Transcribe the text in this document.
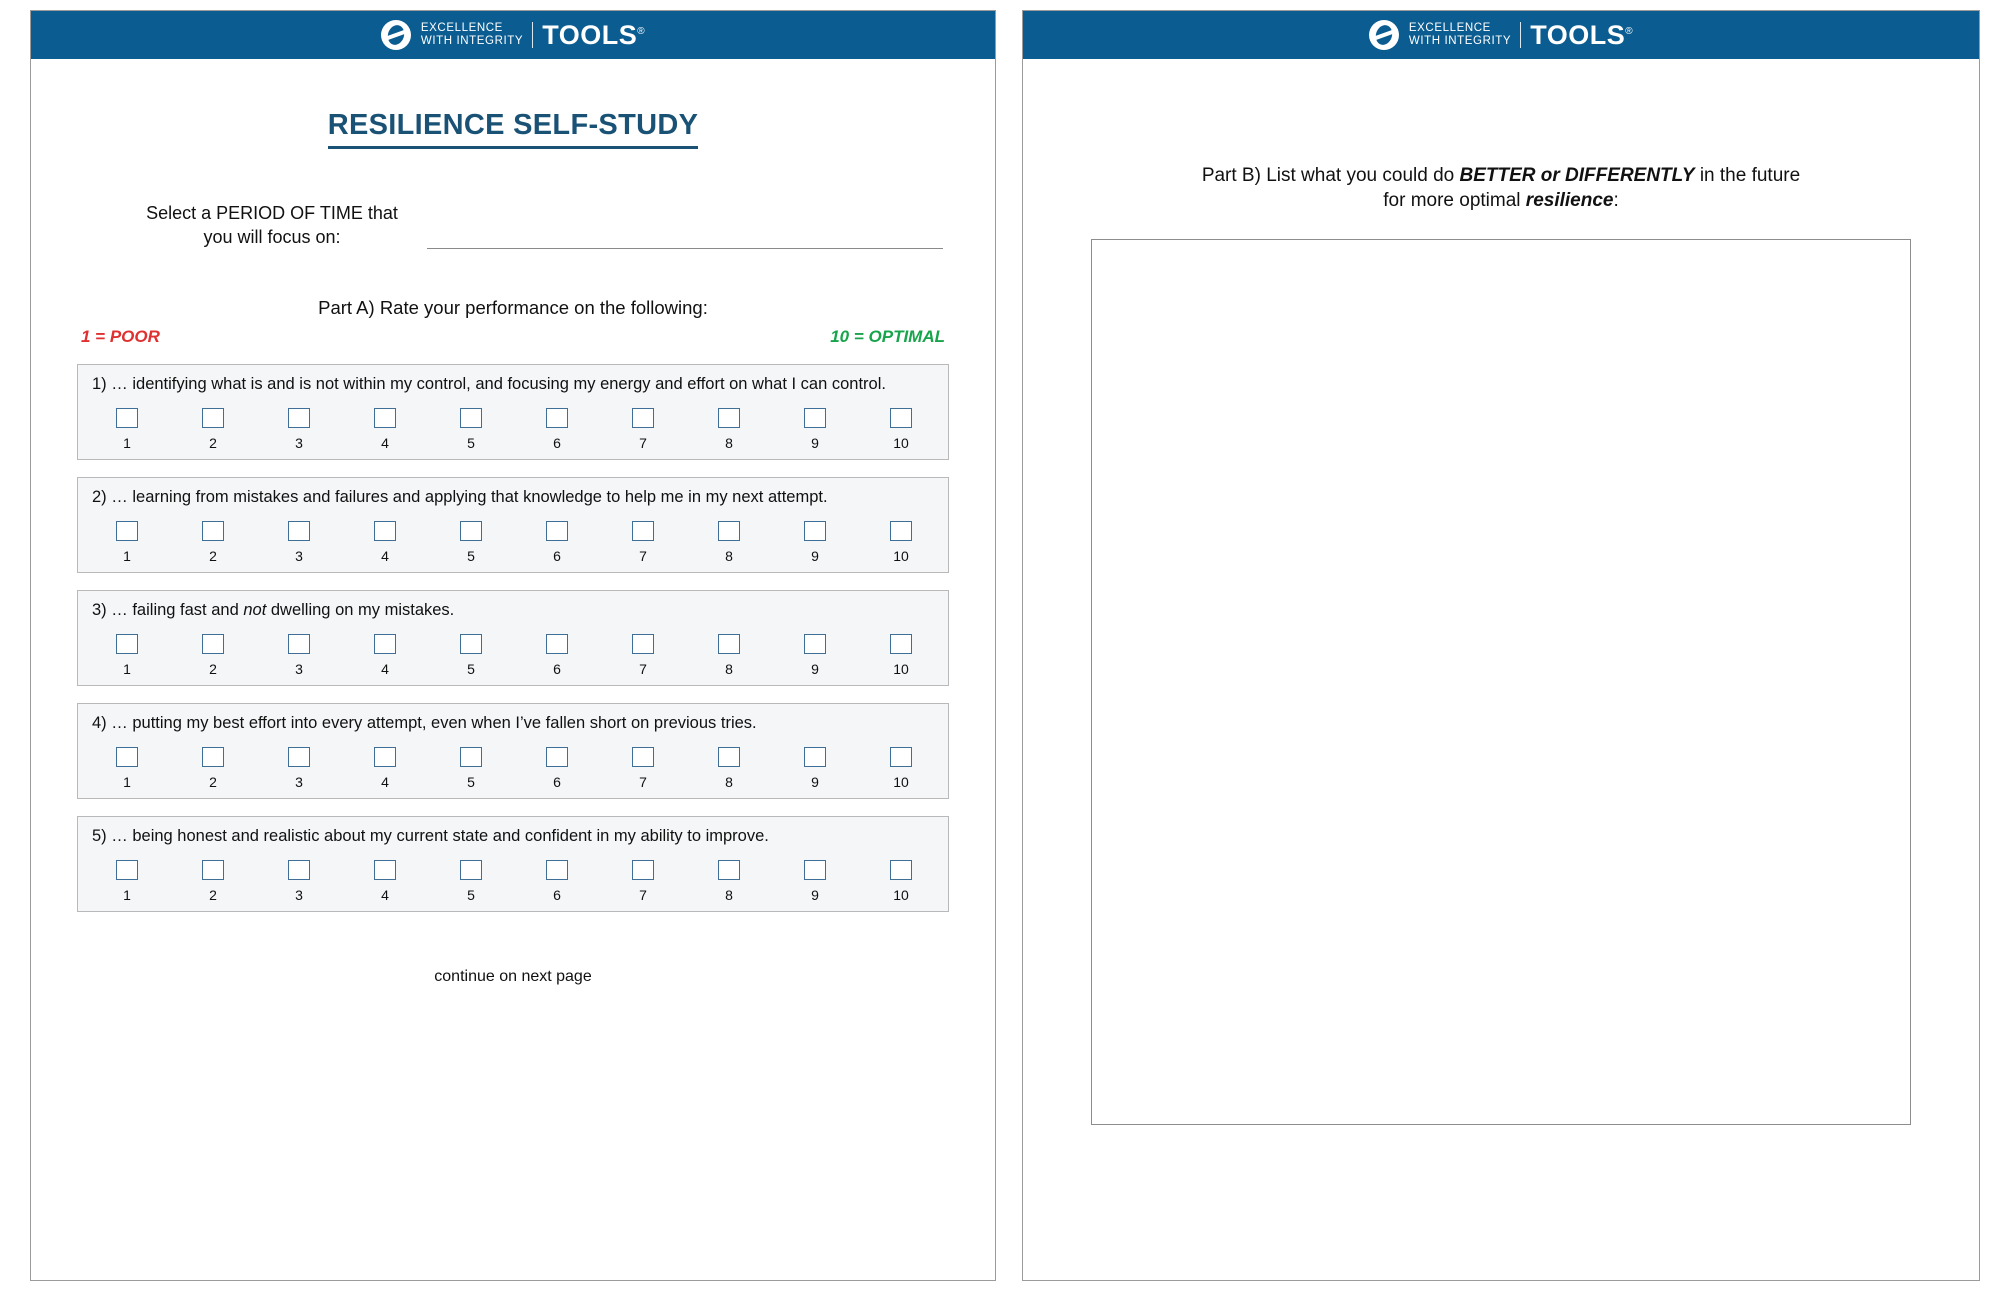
EXCELLENCE
WITH INTEGRITY TOOLS®
RESILIENCE SELF-STUDY
Select a PERIOD OF TIME that
you will focus on:
Part A) Rate your performance on the following:
1 = POOR	10 = OPTIMAL
1) … identifying what is and is not within my control, and focusing my energy and effort on what I can control.
1	2	3	4	5	6	7	8	9	10
2) … learning from mistakes and failures and applying that knowledge to help me in my next attempt.
1	2	3	4	5	6	7	8	9	10
3) … failing fast and not dwelling on my mistakes.
1	2	3	4	5	6	7	8	9	10
4) … putting my best effort into every attempt, even when I’ve fallen short on previous tries.
1	2	3	4	5	6	7	8	9	10
5) … being honest and realistic about my current state and confident in my ability to improve.
1	2	3	4	5	6	7	8	9	10
continue on next page
EXCELLENCE
WITH INTEGRITY TOOLS®
Part B) List what you could do BETTER or DIFFERENTLY in the future
for more optimal resilience:
